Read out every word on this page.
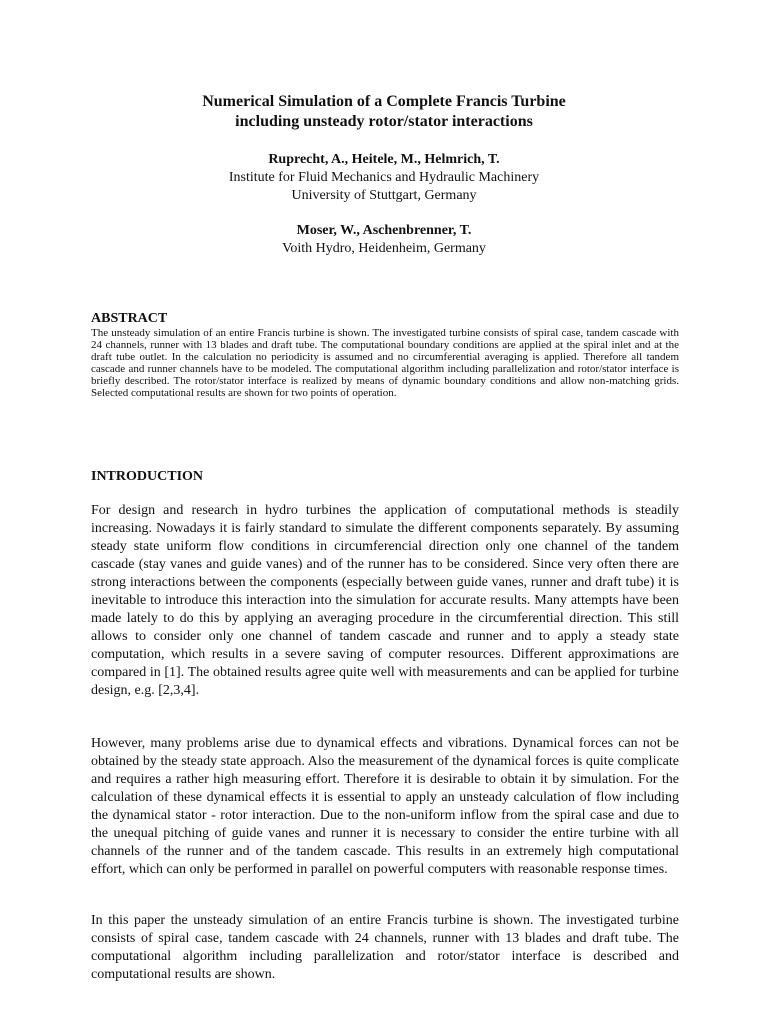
Numerical Simulation of a Complete Francis Turbine
including unsteady rotor/stator interactions

Ruprecht, A., Heitele, M., Helmrich, T.

Institute for Fluid Mechanics and Hydraulic Machinery

University of Stuttgart, Germany

Moser, W., Aschenbrenner, T.

Voith Hydro, Heidenheim, Germany

ABSTRACT

The unsteady simulation of an entire Francis turbine is shown. The investigated turbine consists of spiral case, tandem cascade with 24 channels, runner with 13 blades and draft tube. The computational boundary conditions are applied at the spiral inlet and at the draft tube outlet. In the calculation no periodicity is assumed and no circumferential averaging is applied. Therefore all tandem cascade and runner channels have to be modeled. The computational algorithm including parallelization and rotor/stator interface is briefly described. The rotor/stator interface is realized by means of dynamic boundary conditions and allow non-matching grids. Selected computational results are shown for two points of operation.

INTRODUCTION

For design and research in hydro turbines the application of computational methods is steadily increasing. Nowadays it is fairly standard to simulate the different components separately. By assuming steady state uniform flow conditions in circumferencial direction only one channel of the tandem cascade (stay vanes and guide vanes) and of the runner has to be considered. Since very often there are strong interactions between the components (especially between guide vanes, runner and draft tube) it is inevitable to introduce this interaction into the simulation for accurate results. Many attempts have been made lately to do this by applying an averaging procedure in the circumferential direction. This still allows to consider only one channel of tandem cascade and runner and to apply a steady state computation, which results in a severe saving of computer resources. Different approximations are compared in [1]. The obtained results agree quite well with measurements and can be applied for turbine design, e.g. [2,3,4].

However, many problems arise due to dynamical effects and vibrations. Dynamical forces can not be obtained by the steady state approach. Also the measurement of the dynamical forces is quite complicate and requires a rather high measuring effort. Therefore it is desirable to obtain it by simulation. For the calculation of these dynamical effects it is essential to apply an unsteady calculation of flow including the dynamical stator - rotor interaction. Due to the non-uniform inflow from the spiral case and due to the unequal pitching of guide vanes and runner it is necessary to consider the entire turbine with all channels of the runner and of the tandem cascade. This results in an extremely high computational effort, which can only be performed in parallel on powerful computers with reasonable response times.

In this paper the unsteady simulation of an entire Francis turbine is shown. The investigated turbine consists of spiral case, tandem cascade with 24 channels, runner with 13 blades and draft tube. The computational algorithm including parallelization and rotor/stator interface is described and computational results are shown.
